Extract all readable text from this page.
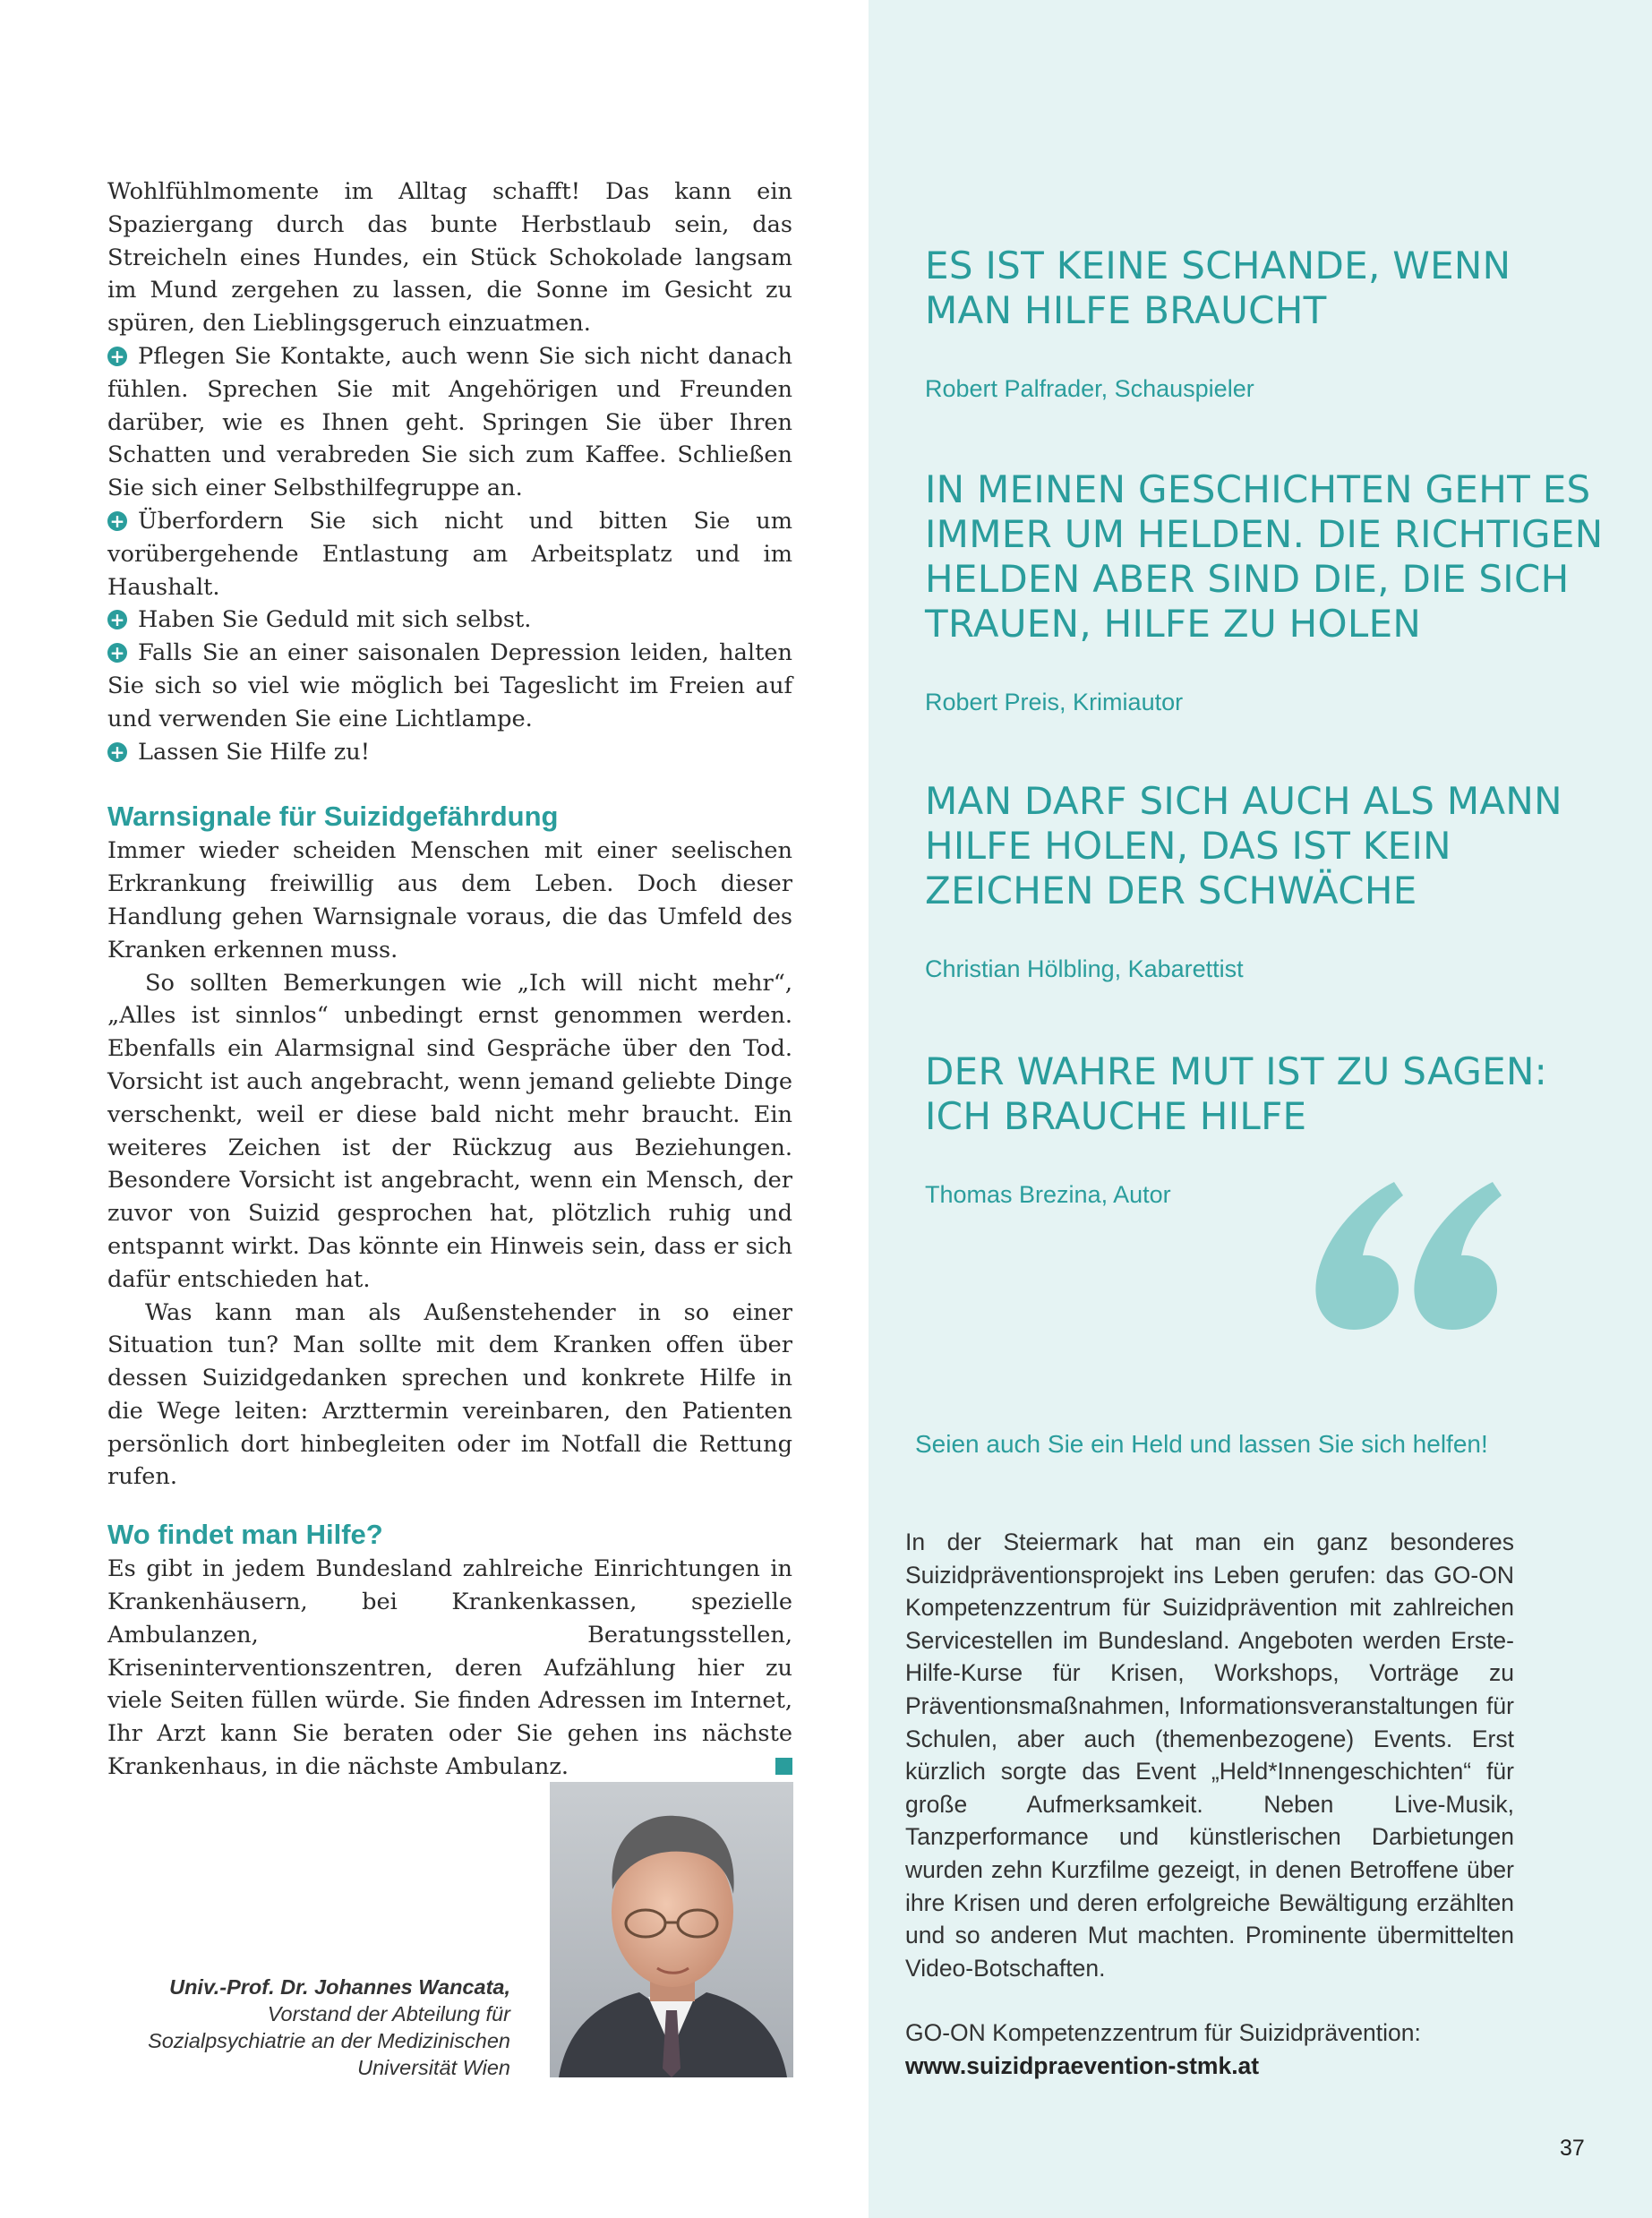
Wohlfühlmomente im Alltag schafft! Das kann ein Spaziergang durch das bunte Herbstlaub sein, das Streicheln eines Hundes, ein Stück Schokolade langsam im Mund zergehen zu lassen, die Sonne im Gesicht zu spüren, den Lieblingsgeruch einzuatmen.

+ Pflegen Sie Kontakte, auch wenn Sie sich nicht danach fühlen. Sprechen Sie mit Angehörigen und Freunden darüber, wie es Ihnen geht. Springen Sie über Ihren Schatten und verabreden Sie sich zum Kaffee. Schließen Sie sich einer Selbsthilfegruppe an.

+ Überfordern Sie sich nicht und bitten Sie um vorübergehende Entlastung am Arbeitsplatz und im Haushalt.

+ Haben Sie Geduld mit sich selbst.

+ Falls Sie an einer saisonalen Depression leiden, halten Sie sich so viel wie möglich bei Tageslicht im Freien auf und verwenden Sie eine Lichtlampe.

+ Lassen Sie Hilfe zu!

Warnsignale für Suizidgefährdung

Immer wieder scheiden Menschen mit einer seelischen Erkrankung freiwillig aus dem Leben. Doch dieser Handlung gehen Warnsignale voraus, die das Umfeld des Kranken erkennen muss.

So sollten Bemerkungen wie „Ich will nicht mehr“, „Alles ist sinnlos“ unbedingt ernst genommen werden. Ebenfalls ein Alarmsignal sind Gespräche über den Tod. Vorsicht ist auch angebracht, wenn jemand geliebte Dinge verschenkt, weil er diese bald nicht mehr braucht. Ein weiteres Zeichen ist der Rückzug aus Beziehungen. Besondere Vorsicht ist angebracht, wenn ein Mensch, der zuvor von Suizid gesprochen hat, plötzlich ruhig und entspannt wirkt. Das könnte ein Hinweis sein, dass er sich dafür entschieden hat.

Was kann man als Außenstehender in so einer Situation tun? Man sollte mit dem Kranken offen über dessen Suizidgedanken sprechen und konkrete Hilfe in die Wege leiten: Arzttermin vereinbaren, den Patienten persönlich dort hinbegleiten oder im Notfall die Rettung rufen.

Wo findet man Hilfe?

Es gibt in jedem Bundesland zahlreiche Einrichtungen in Krankenhäusern, bei Krankenkassen, spezielle Ambulanzen, Beratungsstellen, Kriseninterventionszentren, deren Aufzählung hier zu viele Seiten füllen würde. Sie finden Adressen im Internet, Ihr Arzt kann Sie beraten oder Sie gehen ins nächste Krankenhaus, in die nächste Ambulanz.

Univ.-Prof. Dr. Johannes Wancata,
Vorstand der Abteilung für
Sozialpsychiatrie an der Medizinischen
Universität Wien
ES IST KEINE SCHANDE, WENN
MAN HILFE BRAUCHT
Robert Palfrader, Schauspieler
IN MEINEN GESCHICHTEN GEHT ES
IMMER UM HELDEN. DIE RICHTIGEN
HELDEN ABER SIND DIE, DIE SICH
TRAUEN, HILFE ZU HOLEN
Robert Preis, Krimiautor
MAN DARF SICH AUCH ALS MANN
HILFE HOLEN, DAS IST KEIN
ZEICHEN DER SCHWÄCHE
Christian Hölbling, Kabarettist
DER WAHRE MUT IST ZU SAGEN:
ICH BRAUCHE HILFE
Thomas Brezina, Autor
Seien auch Sie ein Held und lassen Sie sich helfen!

In der Steiermark hat man ein ganz besonderes Suizidpräventionsprojekt ins Leben gerufen: das GO-ON Kompetenzzentrum für Suizidprävention mit zahlreichen Servicestellen im Bundesland. Angeboten werden Erste-Hilfe-Kurse für Krisen, Workshops, Vorträge zu Präventionsmaßnahmen, Informationsveranstaltungen für Schulen, aber auch (themenbezogene) Events. Erst kürzlich sorgte das Event „Held*Innengeschichten“ für große Aufmerksamkeit. Neben Live-Musik, Tanzperformance und künstlerischen Darbietungen wurden zehn Kurzfilme gezeigt, in denen Betroffene über ihre Krisen und deren erfolgreiche Bewältigung erzählten und so anderen Mut machten. Prominente übermittelten Video-Botschaften.

GO-ON Kompetenzzentrum für Suizidprävention:
www.suizidpraevention-stmk.at

37
